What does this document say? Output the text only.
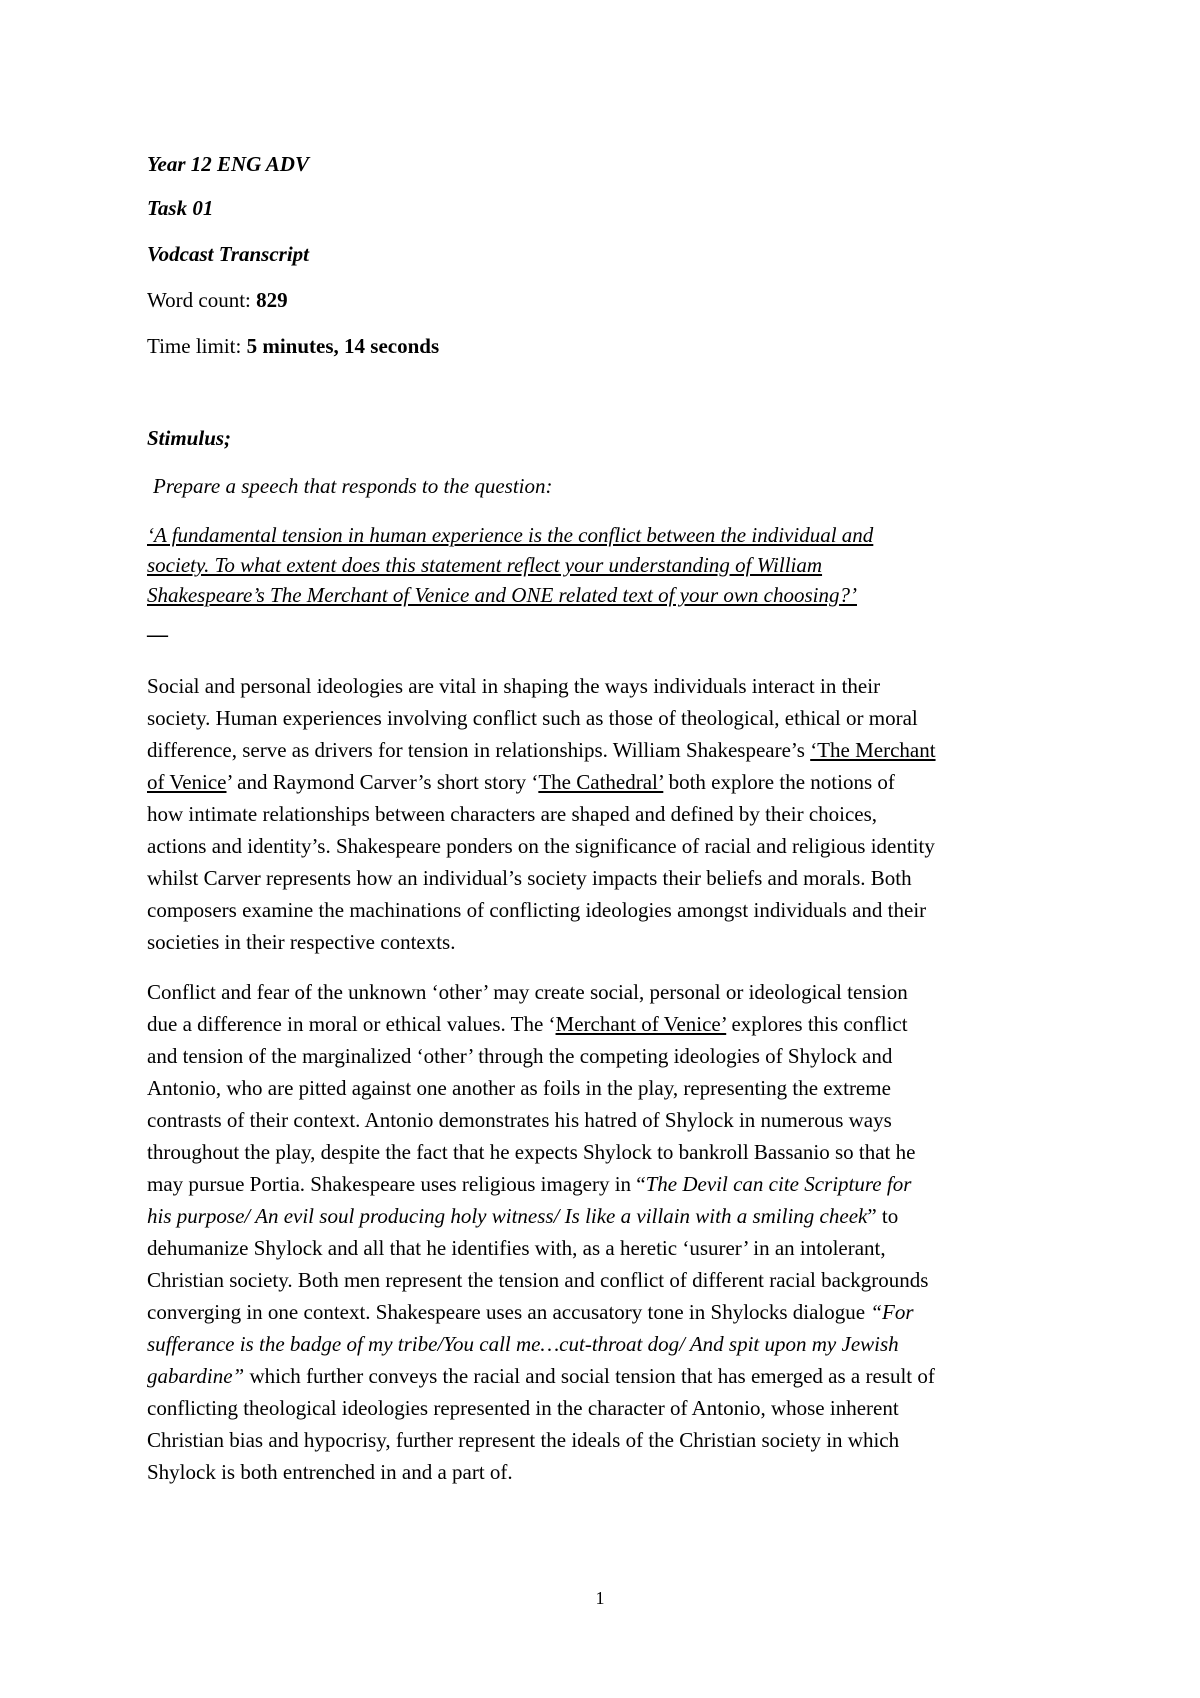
Year 12 ENG ADV

Task 01

Vodcast Transcript

Word count: 829

Time limit: 5 minutes, 14 seconds

Stimulus;

Prepare a speech that responds to the question:

‘A fundamental tension in human experience is the conflict between the individual and
society. To what extent does this statement reflect your understanding of William
Shakespeare’s The Merchant of Venice and ONE related text of your own choosing?’

—

Social and personal ideologies are vital in shaping the ways individuals interact in their
society. Human experiences involving conflict such as those of theological, ethical or moral
difference, serve as drivers for tension in relationships. William Shakespeare’s ‘The Merchant
of Venice’ and Raymond Carver’s short story ‘The Cathedral’ both explore the notions of
how intimate relationships between characters are shaped and defined by their choices,
actions and identity’s. Shakespeare ponders on the significance of racial and religious identity
whilst Carver represents how an individual’s society impacts their beliefs and morals. Both
composers examine the machinations of conflicting ideologies amongst individuals and their
societies in their respective contexts.
Conflict and fear of the unknown ‘other’ may create social, personal or ideological tension
due a difference in moral or ethical values. The ‘Merchant of Venice’ explores this conflict
and tension of the marginalized ‘other’ through the competing ideologies of Shylock and
Antonio, who are pitted against one another as foils in the play, representing the extreme
contrasts of their context. Antonio demonstrates his hatred of Shylock in numerous ways
throughout the play, despite the fact that he expects Shylock to bankroll Bassanio so that he
may pursue Portia. Shakespeare uses religious imagery in “The Devil can cite Scripture for
his purpose/ An evil soul producing holy witness/ Is like a villain with a smiling cheek” to
dehumanize Shylock and all that he identifies with, as a heretic ‘usurer’ in an intolerant,
Christian society. Both men represent the tension and conflict of different racial backgrounds
converging in one context. Shakespeare uses an accusatory tone in Shylocks dialogue “For
sufferance is the badge of my tribe/You call me…cut-throat dog/ And spit upon my Jewish
gabardine” which further conveys the racial and social tension that has emerged as a result of
conflicting theological ideologies represented in the character of Antonio, whose inherent
Christian bias and hypocrisy, further represent the ideals of the Christian society in which
Shylock is both entrenched in and a part of.
1
